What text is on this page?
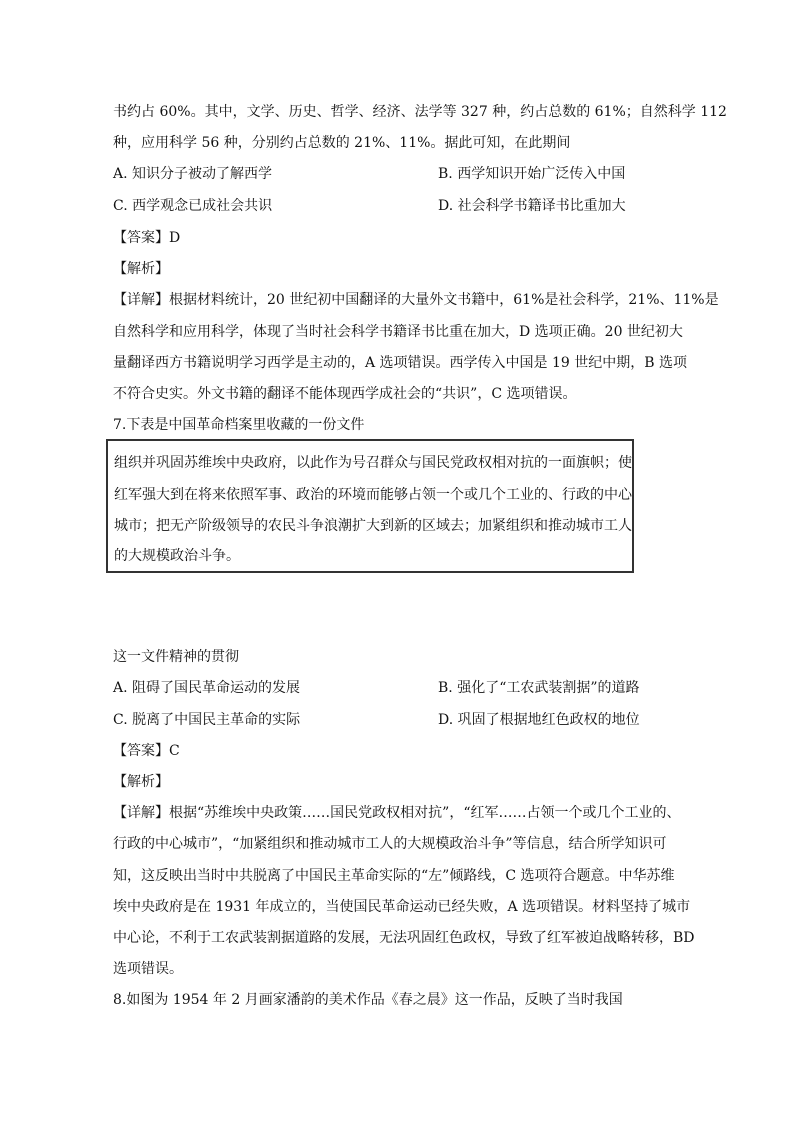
书约占 60%。其中，文学、历史、哲学、经济、法学等 327 种，约占总数的 61%；自然科学 112
种，应用科学 56 种，分别约占总数的 21%、11%。据此可知，在此期间
A. 知识分子被动了解西学	B. 西学知识开始广泛传入中国
C. 西学观念已成社会共识	D. 社会科学书籍译书比重加大
【答案】D
【解析】
【详解】根据材料统计，20 世纪初中国翻译的大量外文书籍中，61%是社会科学，21%、11%是
自然科学和应用科学，体现了当时社会科学书籍译书比重在加大，D 选项正确。20 世纪初大
量翻译西方书籍说明学习西学是主动的，A 选项错误。西学传入中国是 19 世纪中期，B 选项
不符合史实。外文书籍的翻译不能体现西学成社会的“共识”，C 选项错误。
7.下表是中国革命档案里收藏的一份文件
组织并巩固苏维埃中央政府，以此作为号召群众与国民党政权相对抗的一面旗帜；使
红军强大到在将来依照军事、政治的环境而能够占领一个或几个工业的、行政的中心
城市；把无产阶级领导的农民斗争浪潮扩大到新的区域去；加紧组织和推动城市工人
的大规模政治斗争。
这一文件精神的贯彻
A. 阻碍了国民革命运动的发展	B. 强化了“工农武装割据”的道路
C. 脱离了中国民主革命的实际	D. 巩固了根据地红色政权的地位
【答案】C
【解析】
【详解】根据“苏维埃中央政策……国民党政权相对抗”，“红军……占领一个或几个工业的、
行政的中心城市”，“加紧组织和推动城市工人的大规模政治斗争”等信息，结合所学知识可
知，这反映出当时中共脱离了中国民主革命实际的“左”倾路线，C 选项符合题意。中华苏维
埃中央政府是在 1931 年成立的，当使国民革命运动已经失败，A 选项错误。材料坚持了城市
中心论，不利于工农武装割据道路的发展，无法巩固红色政权，导致了红军被迫战略转移，BD
选项错误。
8.如图为 1954 年 2 月画家潘韵的美术作品《春之晨》这一作品，反映了当时我国
